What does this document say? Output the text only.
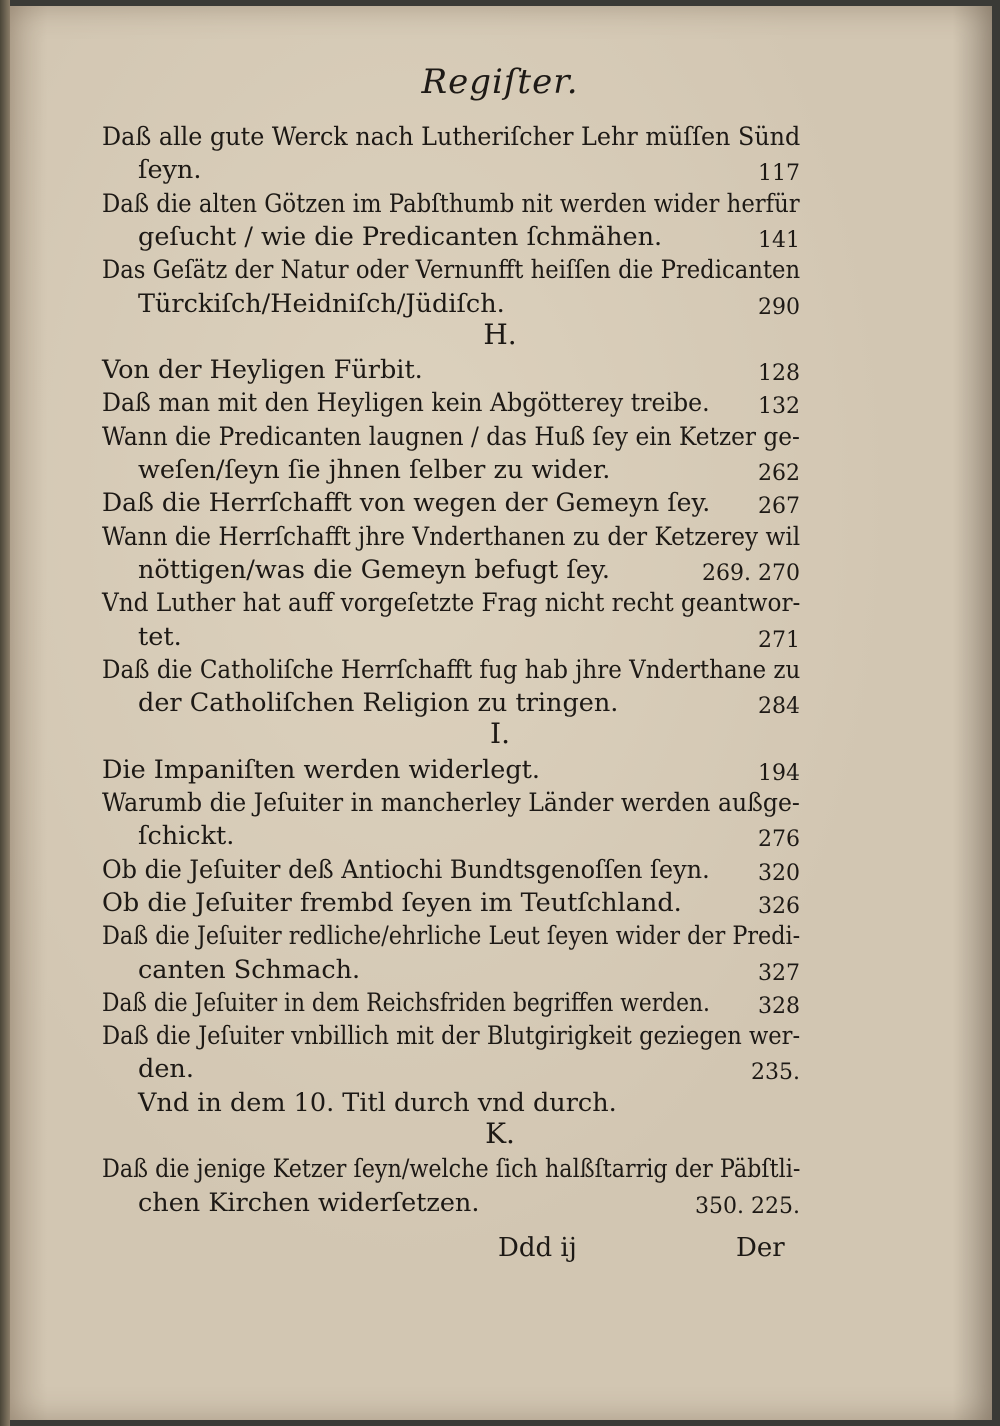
Regiſter.
Daß alle gute Werck nach Lutheriſcher Lehr müſſen Sünd
ſeyn.	117
Daß die alten Götzen im Pabſthumb nit werden wider herfür
geſucht / wie die Predicanten ſchmähen.	141
Das Geſätz der Natur oder Vernunfft heiſſen die Predicanten
Türckiſch/Heidniſch/Jüdiſch.	290
H.
Von der Heyligen Fürbit.	128
Daß man mit den Heyligen kein Abgötterey treibe. 132
Wann die Predicanten laugnen / das Huß ſey ein Ketzer ge-
weſen/ſeyn ſie jhnen ſelber zu wider.	262
Daß die Herrſchafft von wegen der Gemeyn ſey. 267
Wann die Herrſchafft jhre Vnderthanen zu der Ketzerey wil
nöttigen/was die Gemeyn befugt ſey.	269. 270
Vnd Luther hat auff vorgeſetzte Frag nicht recht geantwor-
tet.	271
Daß die Catholiſche Herrſchafft fug hab jhre Vnderthane zu
der Catholiſchen Religion zu tringen.	284
I.
Die Impaniſten werden widerlegt.	194
Warumb die Jeſuiter in mancherley Länder werden außge-
ſchickt.	276
Ob die Jeſuiter deß Antiochi Bundtsgenoſſen ſeyn. 320
Ob die Jeſuiter frembd ſeyen im Teutſchland.	326
Daß die Jeſuiter redliche/ehrliche Leut ſeyen wider der Predi-
canten Schmach.	327
Daß die Jeſuiter in dem Reichsfriden begriffen werden. 328
Daß die Jeſuiter vnbillich mit der Blutgirigkeit geziegen wer-
den.	235.
Vnd in dem 10. Titl durch vnd durch.
K.
Daß die jenige Ketzer ſeyn/welche ſich halßſtarrig der Päbſtli-
chen Kirchen widerſetzen.	350. 225.
Ddd ij	Der
